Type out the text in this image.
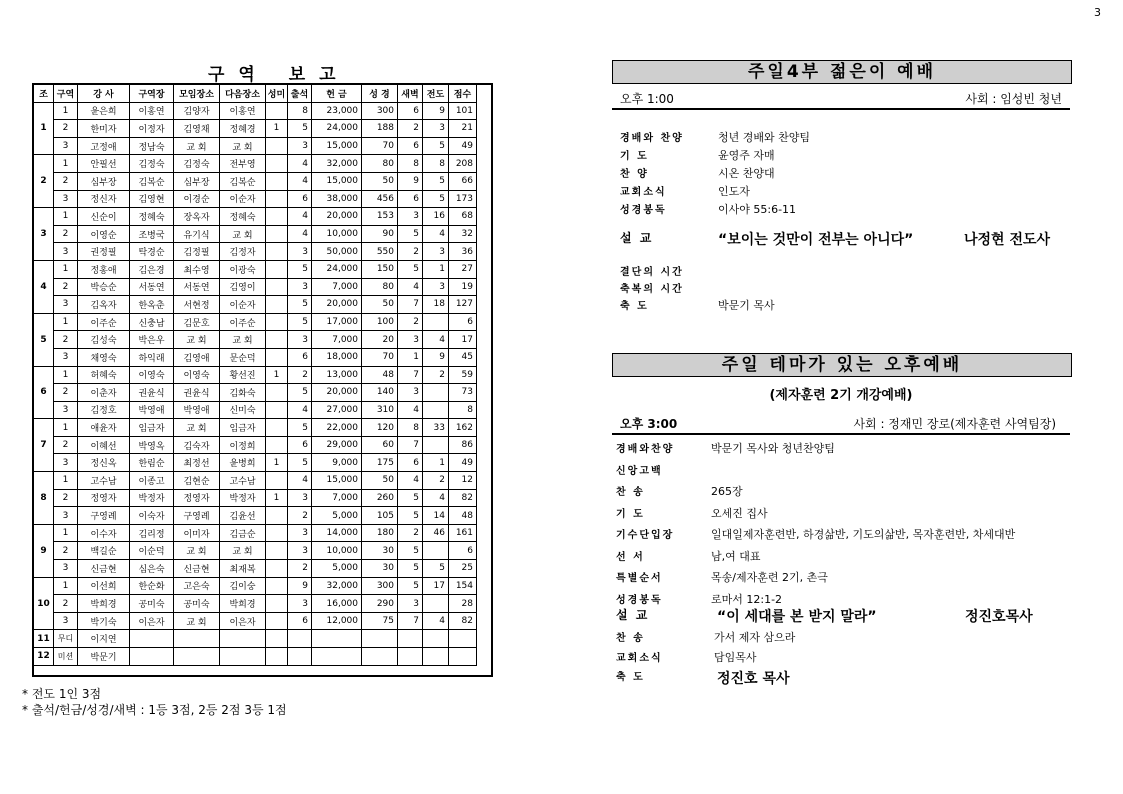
3
구역 보고
조	구역	강 사	구역장	모임장소	다음장소	성미	출석	헌 금	성 경	새벽	전도	점수
1	1	윤은희	이홍연	김양자	이홍연		8	23,000	300	6	9	101
	2	한미자	이정자	김영채	정혜경	1	5	24,000	188	2	3	21
	3	고정애	정남숙	교 회	교 회		3	15,000	70	6	5	49
2	1	안필선	김정숙	김정숙	전부영		4	32,000	80	8	8	208
	2	심부장	김복순	심부장	김복순		4	15,000	50	9	5	66
	3	정신자	김영현	이경순	이순자		6	38,000	456	6	5	173
3	1	신순이	정혜숙	장옥자	정혜숙		4	20,000	153	3	16	68
	2	이영순	조병국	유기식	교 회		4	10,000	90	5	4	32
	3	권정필	탁경순	김정필	김정자		3	50,000	550	2	3	36
4	1	정홍애	김은경	최수영	이광숙		5	24,000	150	5	1	27
	2	박승순	서동연	서동연	김영이		3	7,000	80	4	3	19
	3	김옥자	한옥춘	서현정	이순자		5	20,000	50	7	18	127
5	1	이주순	신충남	김문호	이주순		5	17,000	100	2		6
	2	김성숙	박은우	교 회	교 회		3	7,000	20	3	4	17
	3	채영숙	하익래	김영애	문순덕		6	18,000	70	1	9	45
6	1	허혜숙	이영숙	이영숙	황선진	1	2	13,000	48	7	2	59
	2	이춘자	권윤식	권윤식	김화숙		5	20,000	140	3		73
	3	김정호	박영애	박영애	신미숙		4	27,000	310	4		8
7	1	애윤자	임금자	교 회	임금자		5	22,000	120	8	33	162
	2	이혜선	박영옥	김숙자	이정희		6	29,000	60	7		86
	3	정신옥	한림순	최정선	윤병희	1	5	9,000	175	6	1	49
8	1	고수남	이종고	김현순	고수남		4	15,000	50	4	2	12
	2	정영자	박정자	정영자	박정자	1	3	7,000	260	5	4	82
	3	구영례	이숙자	구영례	김윤선		2	5,000	105	5	14	48
9	1	이수자	김리정	이미자	김금순		3	14,000	180	2	46	161
	2	백길순	이순덕	교 회	교 회		3	10,000	30	5		6
	3	신금현	심은숙	신금현	최재복		2	5,000	30	5	5	25
10	1	이선희	한순화	고은숙	김이숭		9	32,000	300	5	17	154
	2	박희경	공미숙	공미숙	박희경		3	16,000	290	3		28
	3	박기숙	이은자	교 회	이은자		6	12,000	75	7	4	82
11	무디	이지연										
12	미션	박문기										
* 전도 1인 3점
* 출석/헌금/성경/새벽 : 1등 3점, 2등 2점 3등 1점
주일4부 젊은이 예배
오후 1:00	사회 : 임성빈 청년
경배와 찬양	청년 경배와 찬양팀
기 도	윤영주 자매
찬 양	시온 찬양대
교회소식	인도자
성경봉독	이사야 55:6-11
설 교	“보이는 것만이 전부는 아니다”	나정현 전도사
결단의 시간
축복의 시간
축 도	박문기 목사
주일 테마가 있는 오후예배
(제자훈련 2기 개강예배)
오후 3:00	사회 : 정재민 장로(제자훈련 사역팀장)
경배와찬양	박문기 목사와 청년찬양팀
신앙고백
찬 송	265장
기 도	오세진 집사
기수단입장	일대일제자훈련반, 하경삶반, 기도의삶반, 목자훈련반, 차세대반
선 서	남,여 대표
특별순서	목송/제자훈련 2기, 촌극
성경봉독	로마서 12:1-2
설 교	“이 세대를 본 받지 말라”	정진호목사
찬 송	가서 제자 삼으라
교회소식	담임목사
축 도	정진호 목사
